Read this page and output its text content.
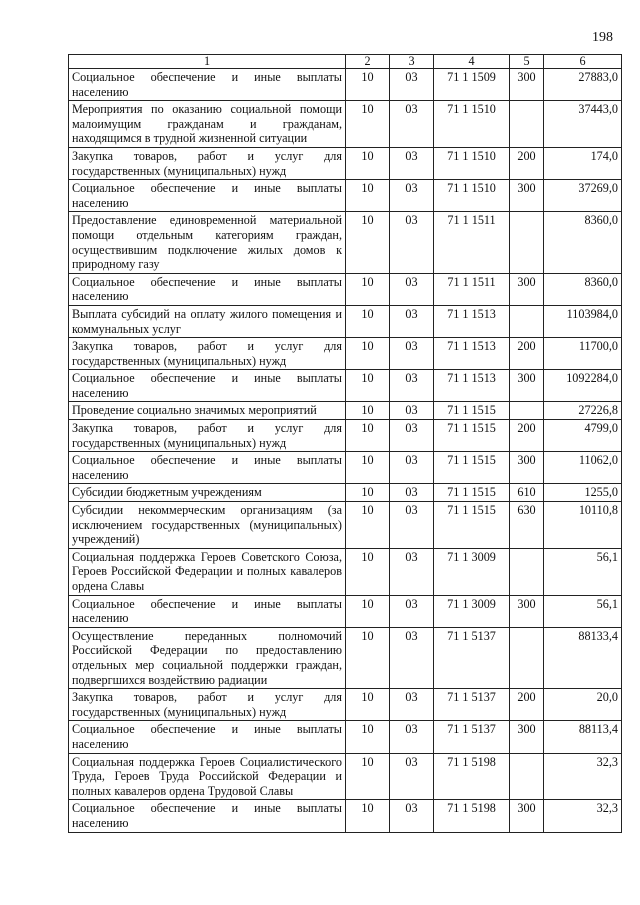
198
1	2	3	4	5	6
Социальное обеспечение и иные выплаты населению	10	03	71 1 1509	300	27883,0
Мероприятия по оказанию социальной помощи малоимущим гражданам и гражданам, находящимся в трудной жизненной ситуации	10	03	71 1 1510		37443,0
Закупка товаров, работ и услуг для государственных (муниципальных) нужд	10	03	71 1 1510	200	174,0
Социальное обеспечение и иные выплаты населению	10	03	71 1 1510	300	37269,0
Предоставление единовременной материальной помощи отдельным категориям граждан, осуществившим подключение жилых домов к природному газу	10	03	71 1 1511		8360,0
Социальное обеспечение и иные выплаты населению	10	03	71 1 1511	300	8360,0
Выплата субсидий на оплату жилого помещения и коммунальных услуг	10	03	71 1 1513		1103984,0
Закупка товаров, работ и услуг для государственных (муниципальных) нужд	10	03	71 1 1513	200	11700,0
Социальное обеспечение и иные выплаты населению	10	03	71 1 1513	300	1092284,0
Проведение социально значимых мероприятий	10	03	71 1 1515		27226,8
Закупка товаров, работ и услуг для государственных (муниципальных) нужд	10	03	71 1 1515	200	4799,0
Социальное обеспечение и иные выплаты населению	10	03	71 1 1515	300	11062,0
Субсидии бюджетным учреждениям	10	03	71 1 1515	610	1255,0
Субсидии некоммерческим организациям (за исключением государственных (муниципальных) учреждений)	10	03	71 1 1515	630	10110,8
Социальная поддержка Героев Советского Союза, Героев Российской Федерации и полных кавалеров ордена Славы	10	03	71 1 3009		56,1
Социальное обеспечение и иные выплаты населению	10	03	71 1 3009	300	56,1
Осуществление переданных полномочий Российской Федерации по предоставлению отдельных мер социальной поддержки граждан, подвергшихся воздействию радиации	10	03	71 1 5137		88133,4
Закупка товаров, работ и услуг для государственных (муниципальных) нужд	10	03	71 1 5137	200	20,0
Социальное обеспечение и иные выплаты населению	10	03	71 1 5137	300	88113,4
Социальная поддержка Героев Социалистического Труда, Героев Труда Российской Федерации и полных кавалеров ордена Трудовой Славы	10	03	71 1 5198		32,3
Социальное обеспечение и иные выплаты населению	10	03	71 1 5198	300	32,3
